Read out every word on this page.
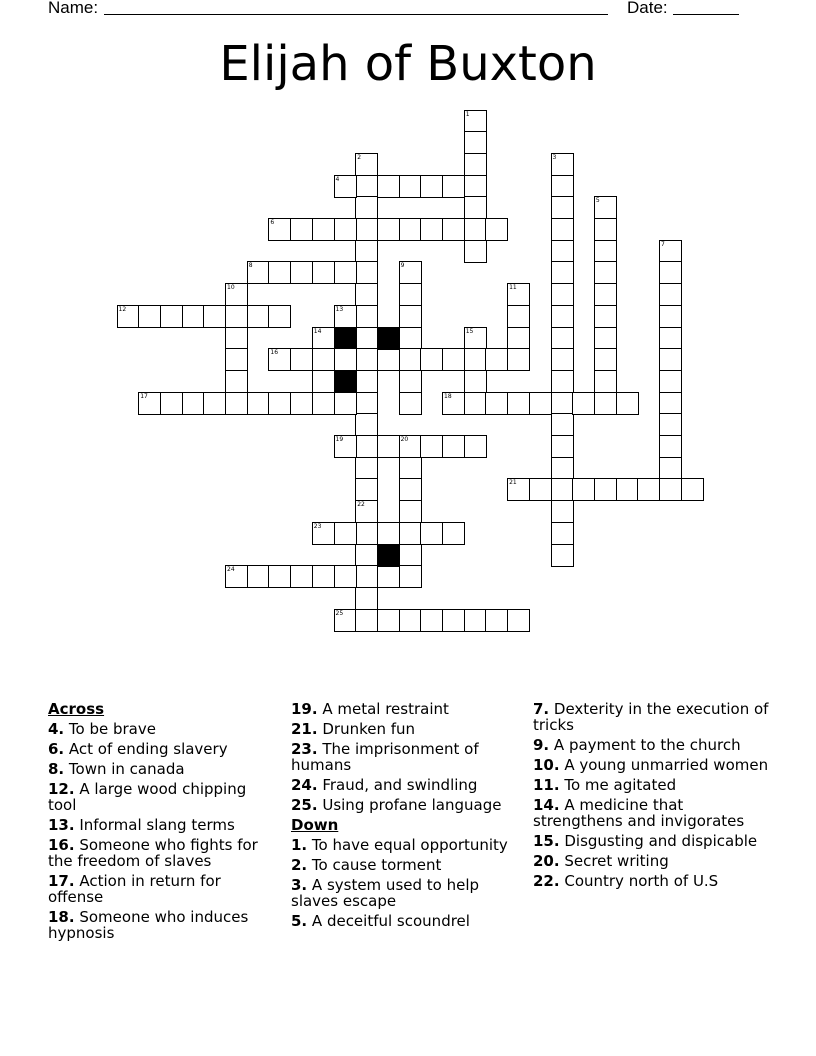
Name:	Date:
Elijah of Buxton
1
2	3
4
5
6
7
8	9
10	11
12	13
14	15
16
17	18
19	20
21
22
23
24
25
Across
4. To be brave
6. Act of ending slavery
8. Town in canada
12. A large wood chipping tool
13. Informal slang terms
16. Someone who fights for the freedom of slaves
17. Action in return for offense
18. Someone who induces hypnosis
19. A metal restraint
21. Drunken fun
23. The imprisonment of humans
24. Fraud, and swindling
25. Using profane language
Down
1. To have equal opportunity
2. To cause torment
3. A system used to help slaves escape
5. A deceitful scoundrel
7. Dexterity in the execution of tricks
9. A payment to the church
10. A young unmarried women
11. To me agitated
14. A medicine that strengthens and invigorates
15. Disgusting and dispicable
20. Secret writing
22. Country north of U.S
